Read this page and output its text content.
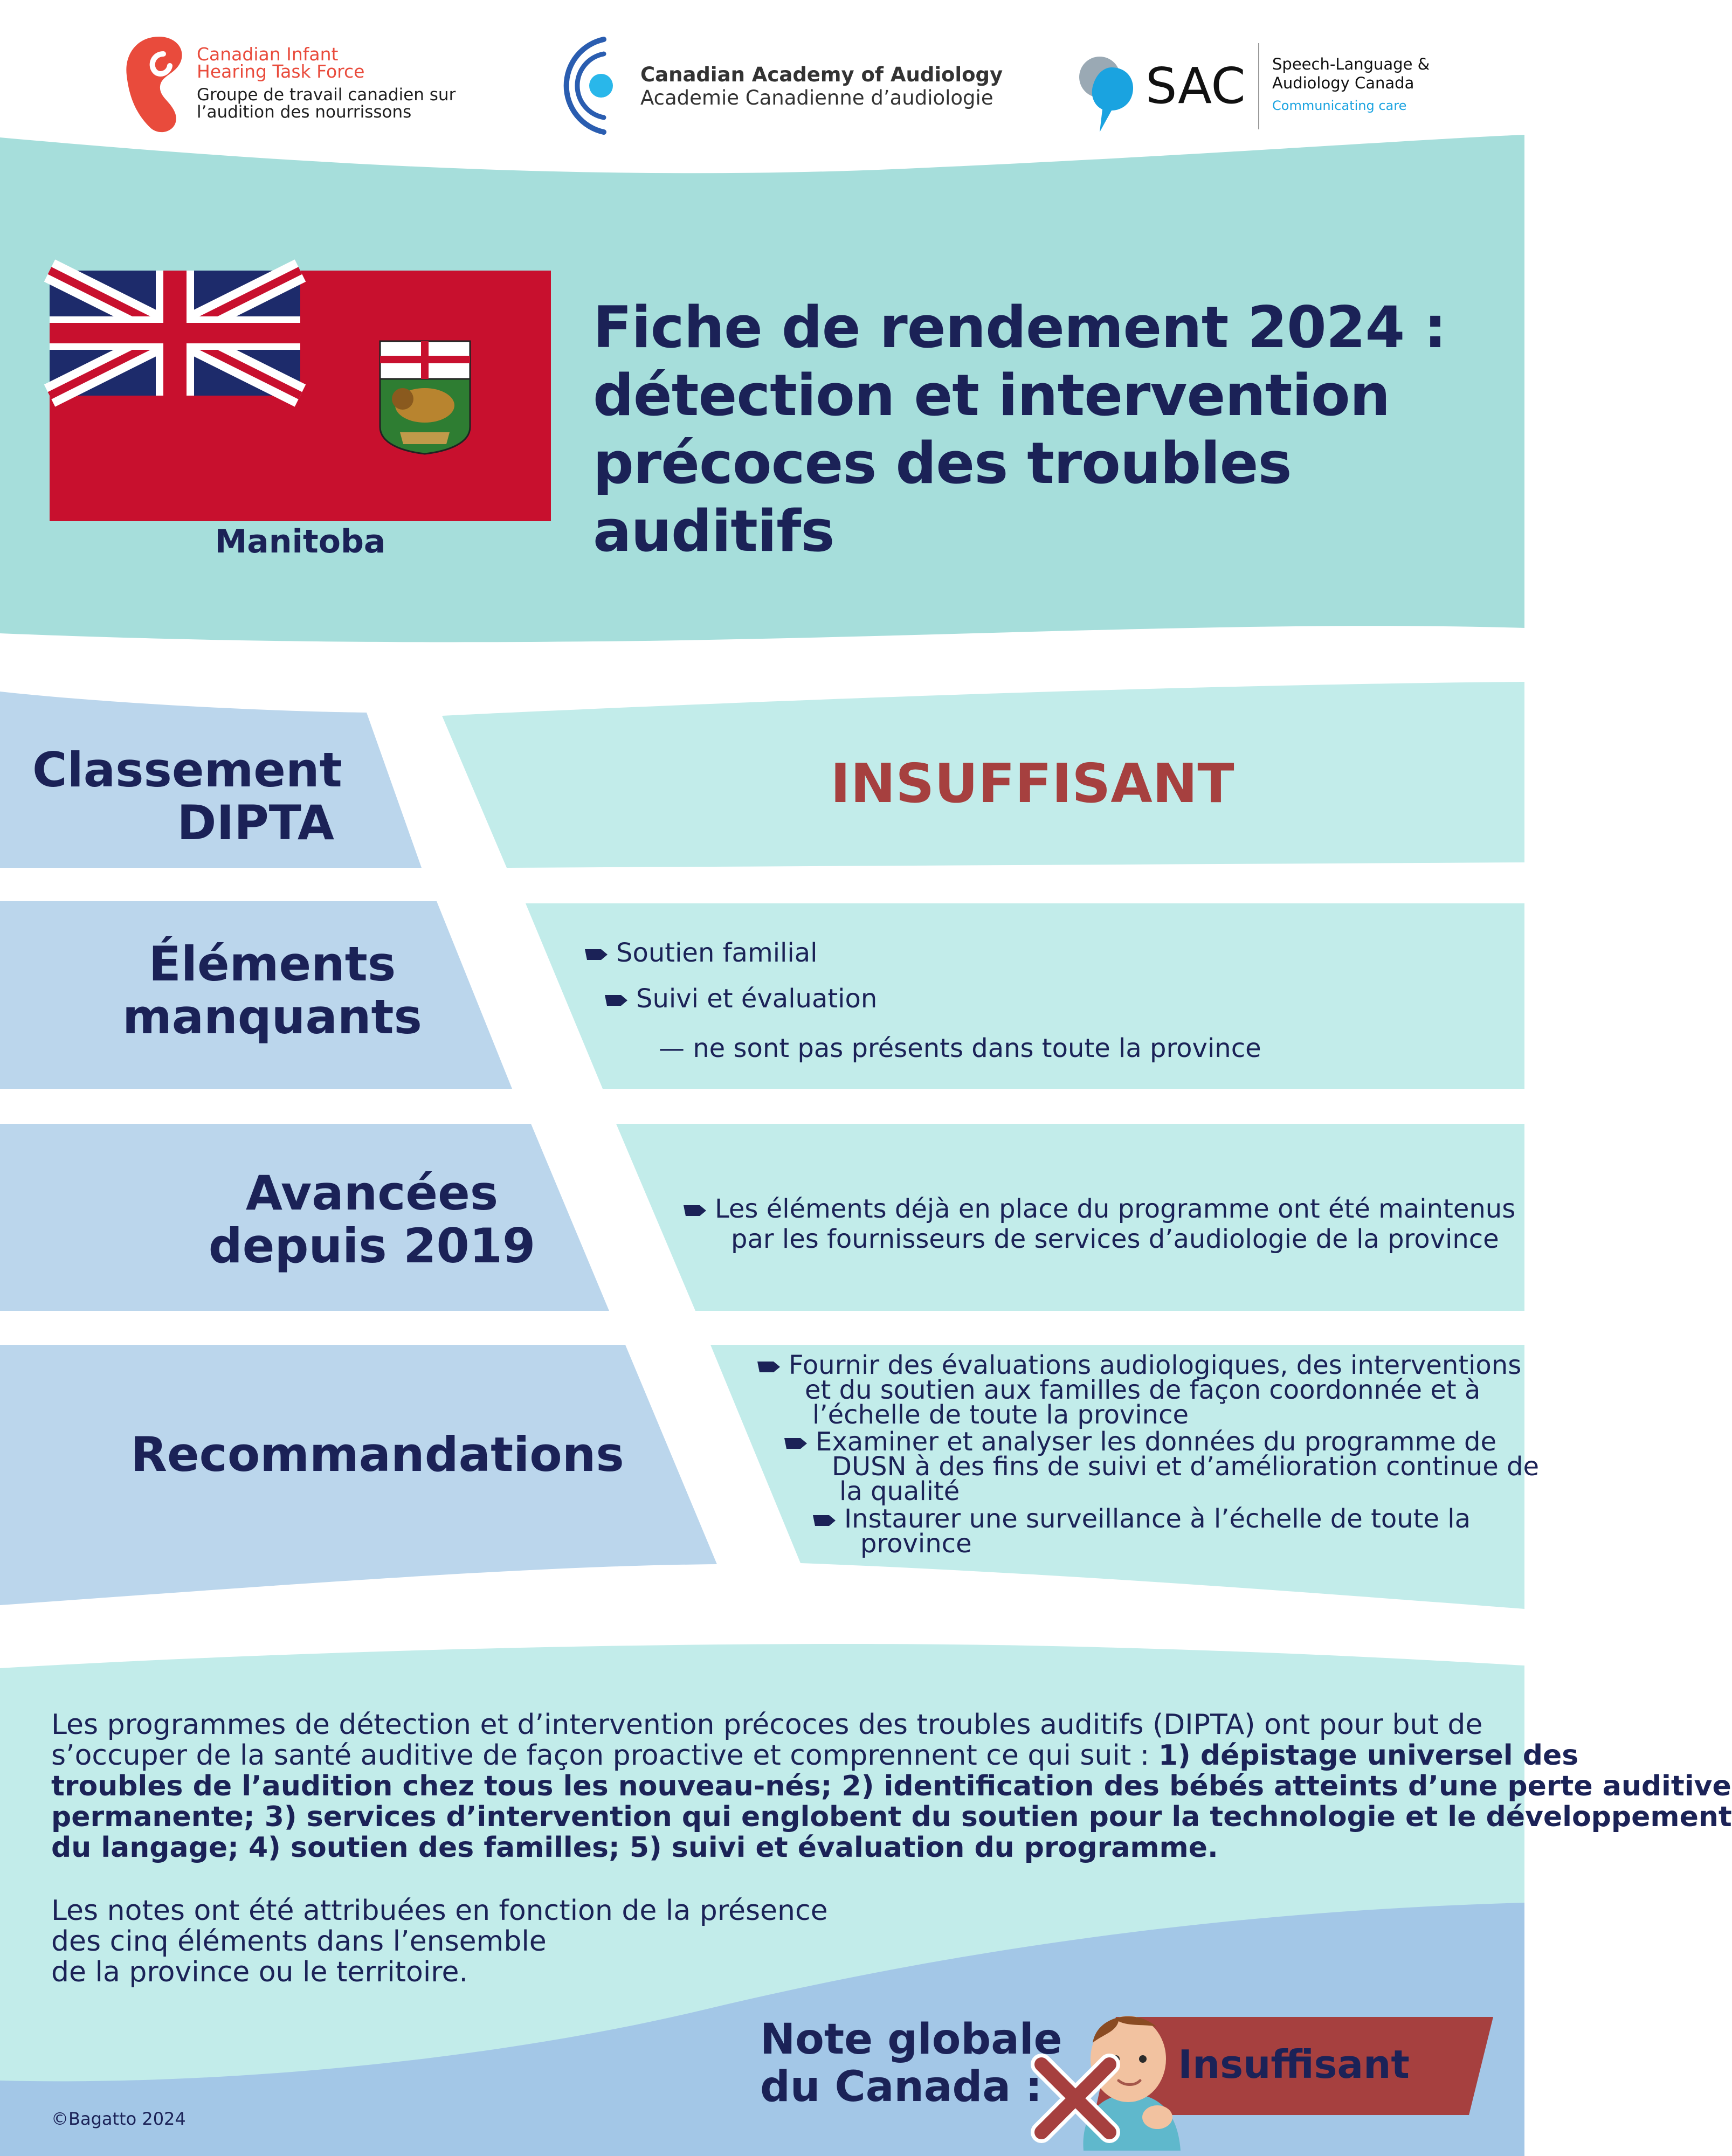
Canadian Infant Hearing Task Force
Groupe de travail canadien sur
l’audition des nourrissons
Canadian Academy of Audiology
Academie Canadienne d’audiologie	SAC Speech-Language &
Audiology Canada
Communicating care
Manitoba
Fiche de rendement 2024 :
détection et intervention
précoces des troubles auditifs
Classement
DIPTA
INSUFFISANT
Éléments
manquants
Soutien familial
Suivi et évaluation
— ne sont pas présents dans toute la province
Avancées
depuis 2019
Les éléments déjà en place du programme ont été maintenus
par les fournisseurs de services d’audiologie de la province
Recommandations
Fournir des évaluations audiologiques, des interventions
et du soutien aux familles de façon coordonnée et à
l’échelle de toute la province
Examiner et analyser les données du programme de
DUSN à des fins de suivi et d’amélioration continue de
la qualité
Instaurer une surveillance à l’échelle de toute la
province
Les programmes de détection et d’intervention précoces des troubles auditifs (DIPTA) ont pour but de
s’occuper de la santé auditive de façon proactive et comprennent ce qui suit : 1) dépistage universel des
troubles de l’audition chez tous les nouveau-nés; 2) identification des bébés atteints d’une perte auditive
permanente; 3) services d’intervention qui englobent du soutien pour la technologie et le développement
du langage; 4) soutien des familles; 5) suivi et évaluation du programme.
Les notes ont été attribuées en fonction de la présence
des cinq éléments dans l’ensemble
de la province ou le territoire.
Note globale
du Canada :	Insuffisant
©Bagatto 2024
